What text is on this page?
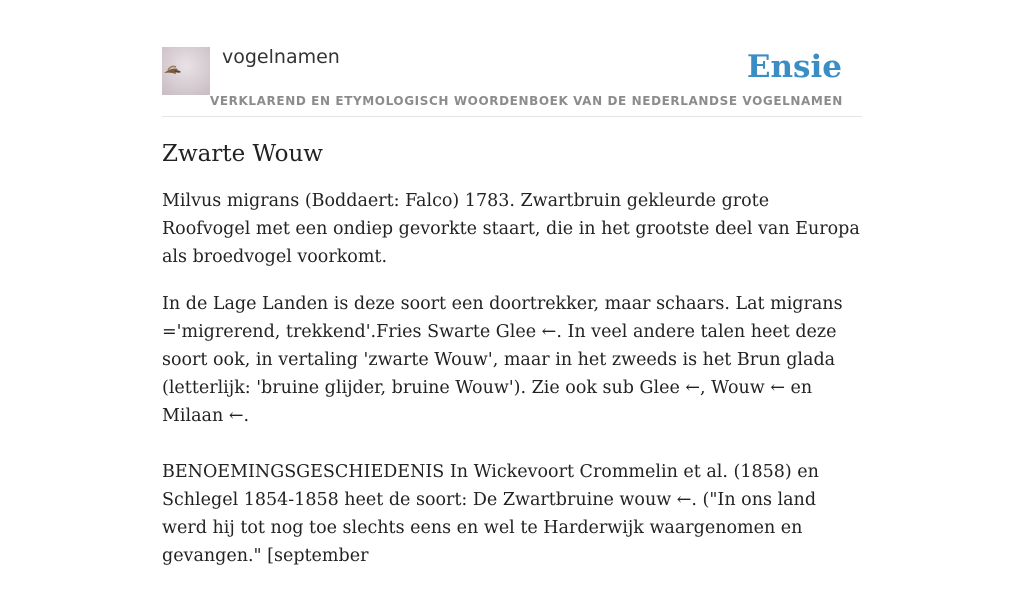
vogelnamen	Ensie
VERKLAREND EN ETYMOLOGISCH WOORDENBOEK VAN DE NEDERLANDSE VOGELNAMEN
Zwarte Wouw

Milvus migrans (Boddaert: Falco) 1783. Zwartbruin gekleurde grote Roofvogel met een ondiep gevorkte staart, die in het grootste deel van Europa als broedvogel voorkomt.

In de Lage Landen is deze soort een doortrekker, maar schaars. Lat migrans ='migrerend, trekkend'.Fries Swarte Glee ←. In veel andere talen heet deze soort ook, in vertaling 'zwarte Wouw', maar in het zweeds is het Brun glada (letterlijk: 'bruine glijder, bruine Wouw'). Zie ook sub Glee ←, Wouw ← en Milaan ←.

BENOEMINGSGESCHIEDENIS In Wickevoort Crommelin et al. (1858) en Schlegel 1854-1858 heet de soort: De Zwartbruine wouw ←. ("In ons land werd hij tot nog toe slechts eens en wel te Harderwijk waargenomen en gevangen." [september
